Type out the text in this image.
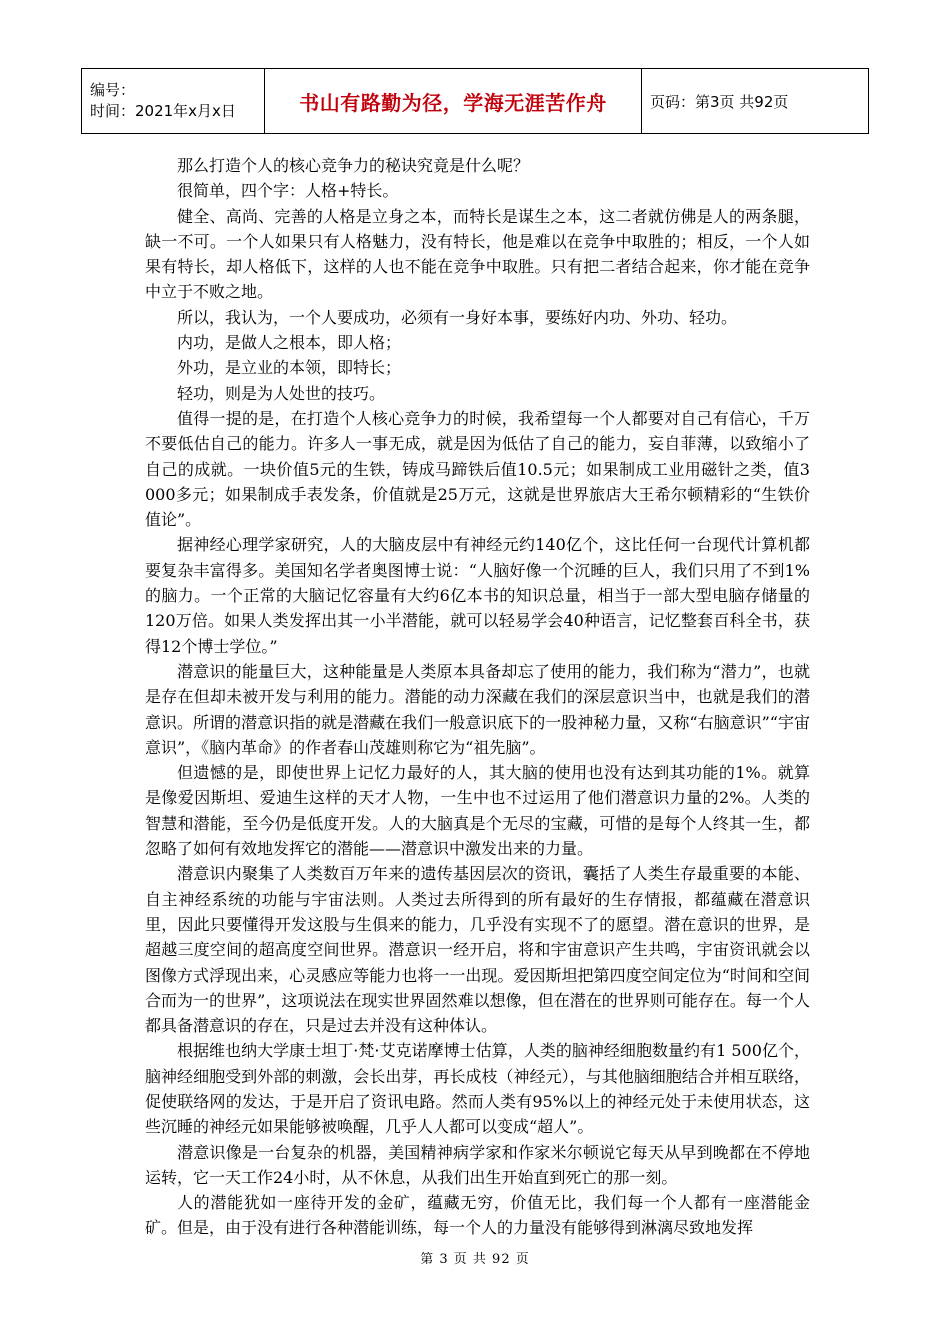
编号：
时间：2021年x月x日	书山有路勤为径，学海无涯苦作舟	页码：第3页 共92页

那么打造个人的核心竞争力的秘诀究竟是什么呢？

很简单，四个字：人格+特长。

健全、高尚、完善的人格是立身之本，而特长是谋生之本，这二者就仿佛是人的两条腿，缺一不可。一个人如果只有人格魅力，没有特长，他是难以在竞争中取胜的；相反，一个人如果有特长，却人格低下，这样的人也不能在竞争中取胜。只有把二者结合起来，你才能在竞争中立于不败之地。

所以，我认为，一个人要成功，必须有一身好本事，要练好内功、外功、轻功。

内功，是做人之根本，即人格；

外功，是立业的本领，即特长；

轻功，则是为人处世的技巧。

值得一提的是，在打造个人核心竞争力的时候，我希望每一个人都要对自己有信心，千万不要低估自己的能力。许多人一事无成，就是因为低估了自己的能力，妄自菲薄，以致缩小了自己的成就。一块价值5元的生铁，铸成马蹄铁后值10.5元；如果制成工业用磁针之类，值3 000多元；如果制成手表发条，价值就是25万元，这就是世界旅店大王希尔顿精彩的“生铁价值论”。

据神经心理学家研究，人的大脑皮层中有神经元约140亿个，这比任何一台现代计算机都要复杂丰富得多。美国知名学者奥图博士说：“人脑好像一个沉睡的巨人，我们只用了不到1%的脑力。一个正常的大脑记忆容量有大约6亿本书的知识总量，相当于一部大型电脑存储量的120万倍。如果人类发挥出其一小半潜能，就可以轻易学会40种语言，记忆整套百科全书，获得12个博士学位。”

潜意识的能量巨大，这种能量是人类原本具备却忘了使用的能力，我们称为“潜力”，也就是存在但却未被开发与利用的能力。潜能的动力深藏在我们的深层意识当中，也就是我们的潜意识。所谓的潜意识指的就是潜藏在我们一般意识底下的一股神秘力量，又称“右脑意识”“宇宙意识”，《脑内革命》的作者春山茂雄则称它为“祖先脑”。

但遗憾的是，即使世界上记忆力最好的人，其大脑的使用也没有达到其功能的1%。就算是像爱因斯坦、爱迪生这样的天才人物，一生中也不过运用了他们潜意识力量的2%。人类的智慧和潜能，至今仍是低度开发。人的大脑真是个无尽的宝藏，可惜的是每个人终其一生，都忽略了如何有效地发挥它的潜能——潜意识中激发出来的力量。

潜意识内聚集了人类数百万年来的遗传基因层次的资讯，囊括了人类生存最重要的本能、自主神经系统的功能与宇宙法则。人类过去所得到的所有最好的生存情报，都蕴藏在潜意识里，因此只要懂得开发这股与生俱来的能力，几乎没有实现不了的愿望。潜在意识的世界，是超越三度空间的超高度空间世界。潜意识一经开启，将和宇宙意识产生共鸣，宇宙资讯就会以图像方式浮现出来，心灵感应等能力也将一一出现。爱因斯坦把第四度空间定位为“时间和空间合而为一的世界”，这项说法在现实世界固然难以想像，但在潜在的世界则可能存在。每一个人都具备潜意识的存在，只是过去并没有这种体认。

根据维也纳大学康士坦丁·梵·艾克诺摩博士估算，人类的脑神经细胞数量约有1 500亿个，脑神经细胞受到外部的刺激，会长出芽，再长成枝（神经元），与其他脑细胞结合并相互联络，促使联络网的发达，于是开启了资讯电路。然而人类有95%以上的神经元处于未使用状态，这些沉睡的神经元如果能够被唤醒，几乎人人都可以变成“超人”。

潜意识像是一台复杂的机器，美国精神病学家和作家米尔顿说它每天从早到晚都在不停地运转，它一天工作24小时，从不休息，从我们出生开始直到死亡的那一刻。

人的潜能犹如一座待开发的金矿，蕴藏无穷，价值无比，我们每一个人都有一座潜能金矿。但是，由于没有进行各种潜能训练，每一个人的力量没有能够得到淋漓尽致地发挥

第 3 页 共 92 页
